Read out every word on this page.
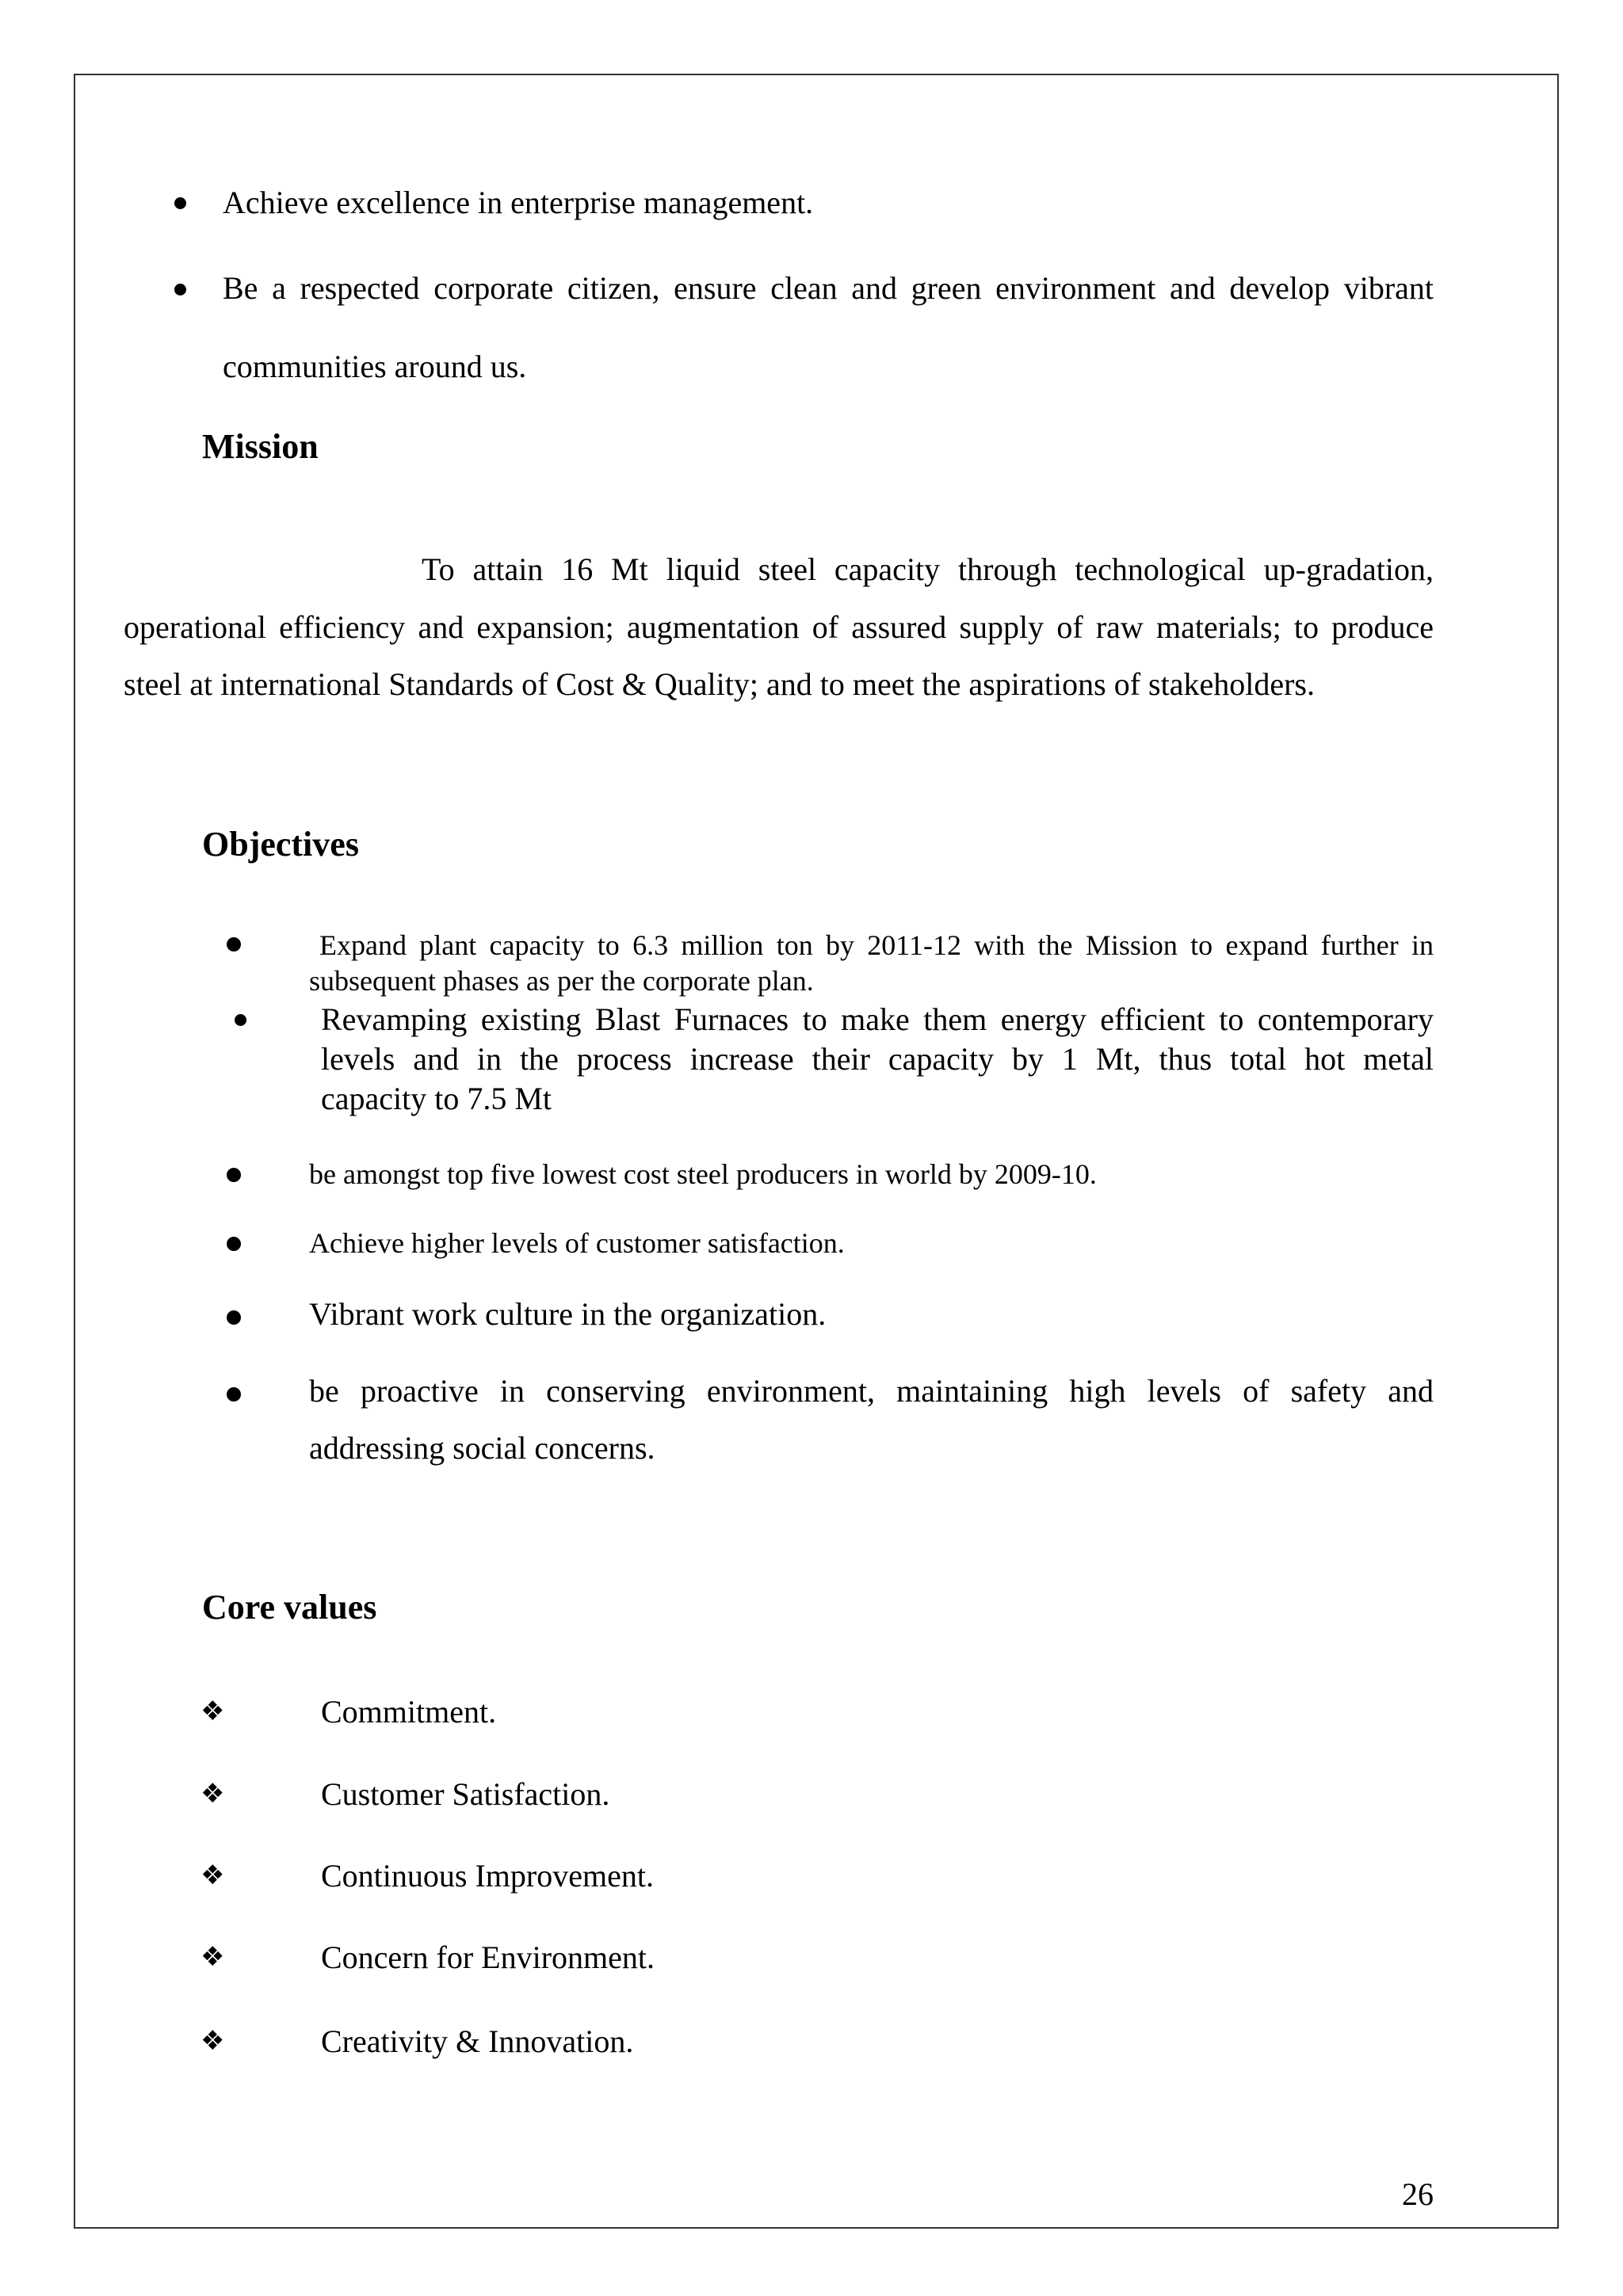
Achieve excellence in enterprise management.
Be a respected corporate citizen, ensure clean and green environment and develop vibrant
communities around us.
Mission
To attain 16 Mt liquid steel capacity through technological up-gradation,
operational efficiency and expansion; augmentation of assured supply of raw materials; to produce
steel at international Standards of Cost & Quality; and to meet the aspirations of stakeholders.
Objectives
Expand plant capacity to 6.3 million ton by 2011-12 with the Mission to expand further in
subsequent phases as per the corporate plan.
Revamping existing Blast Furnaces to make them energy efficient to contemporary
levels and in the process increase their capacity by 1 Mt, thus total hot metal
capacity to 7.5 Mt
be amongst top five lowest cost steel producers in world by 2009-10.
Achieve higher levels of customer satisfaction.
Vibrant work culture in the organization.
be proactive in conserving environment, maintaining high levels of safety and
addressing social concerns.
Core values
❖	Commitment.
❖	Customer Satisfaction.
❖	Continuous Improvement.
❖	Concern for Environment.
❖	Creativity & Innovation.
26
